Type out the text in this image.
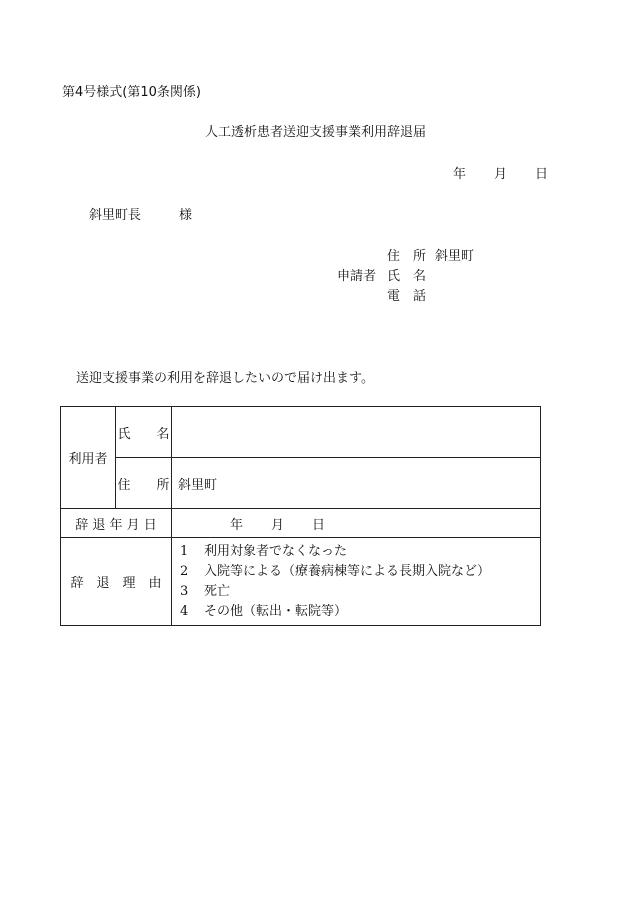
第4号様式(第10条関係)
人工透析患者送迎支援事業利用辞退届
年 月 日
斜里町長	様
住　所 斜里町
申請者 氏　名
電　話
送迎支援事業の利用を辞退したいので届け出ます。
利用者	氏　　名	
	住　　所	斜里町
辞 退 年 月 日		年 月 日
辞　退　理　由		1 利用対象者でなくなった
2 入院等による（療養病棟等による長期入院など）
3 死亡
4 その他（転出・転院等）
